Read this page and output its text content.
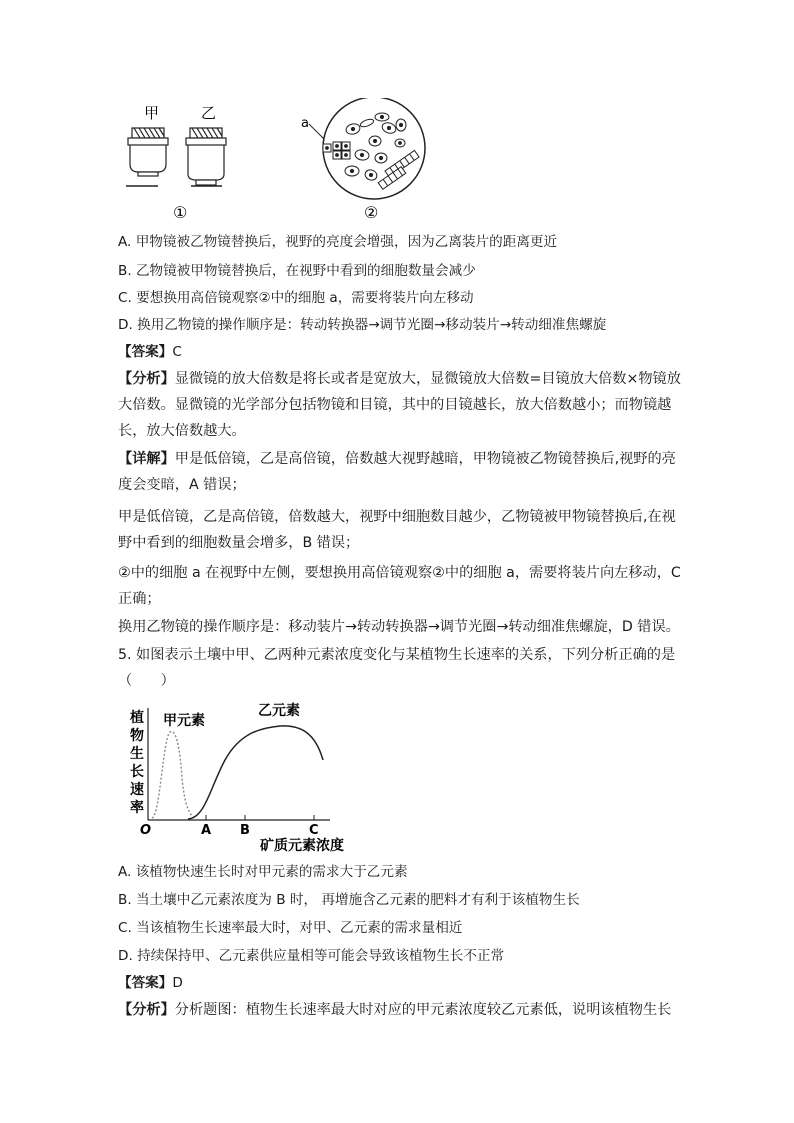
甲	乙
①
a
②
A. 甲物镜被乙物镜替换后，视野的亮度会增强，因为乙离装片的距离更近
B. 乙物镜被甲物镜替换后，在视野中看到的细胞数量会减少
C. 要想换用高倍镜观察②中的细胞 a，需要将装片向左移动
D. 换用乙物镜的操作顺序是：转动转换器→调节光圈→移动装片→转动细准焦螺旋
【答案】C
【分析】显微镜的放大倍数是将长或者是宽放大，显微镜放大倍数=目镜放大倍数×物镜放大倍数。显微镜的光学部分包括物镜和目镜，其中的目镜越长，放大倍数越小；而物镜越长，放大倍数越大。
【详解】甲是低倍镜，乙是高倍镜，倍数越大视野越暗，甲物镜被乙物镜替换后,视野的亮度会变暗，A 错误；
甲是低倍镜，乙是高倍镜，倍数越大，视野中细胞数目越少，乙物镜被甲物镜替换后,在视野中看到的细胞数量会增多，B 错误；
②中的细胞 a 在视野中左侧，要想换用高倍镜观察②中的细胞 a，需要将装片向左移动，C 正确；
换用乙物镜的操作顺序是：移动装片→转动转换器→调节光圈→转动细准焦螺旋，D 错误。
5. 如图表示土壤中甲、乙两种元素浓度变化与某植物生长速率的关系，下列分析正确的是
（　　）
植
物
生
长
速
率
O	A B	C
矿质元素浓度
甲元素
乙元素
A. 该植物快速生长时对甲元素的需求大于乙元素
B. 当土壤中乙元素浓度为 B 时， 再增施含乙元素的肥料才有利于该植物生长
C. 当该植物生长速率最大时，对甲、乙元素的需求量相近
D. 持续保持甲、乙元素供应量相等可能会导致该植物生长不正常
【答案】D
【分析】分析题图：植物生长速率最大时对应的甲元素浓度较乙元素低，说明该植物生长
